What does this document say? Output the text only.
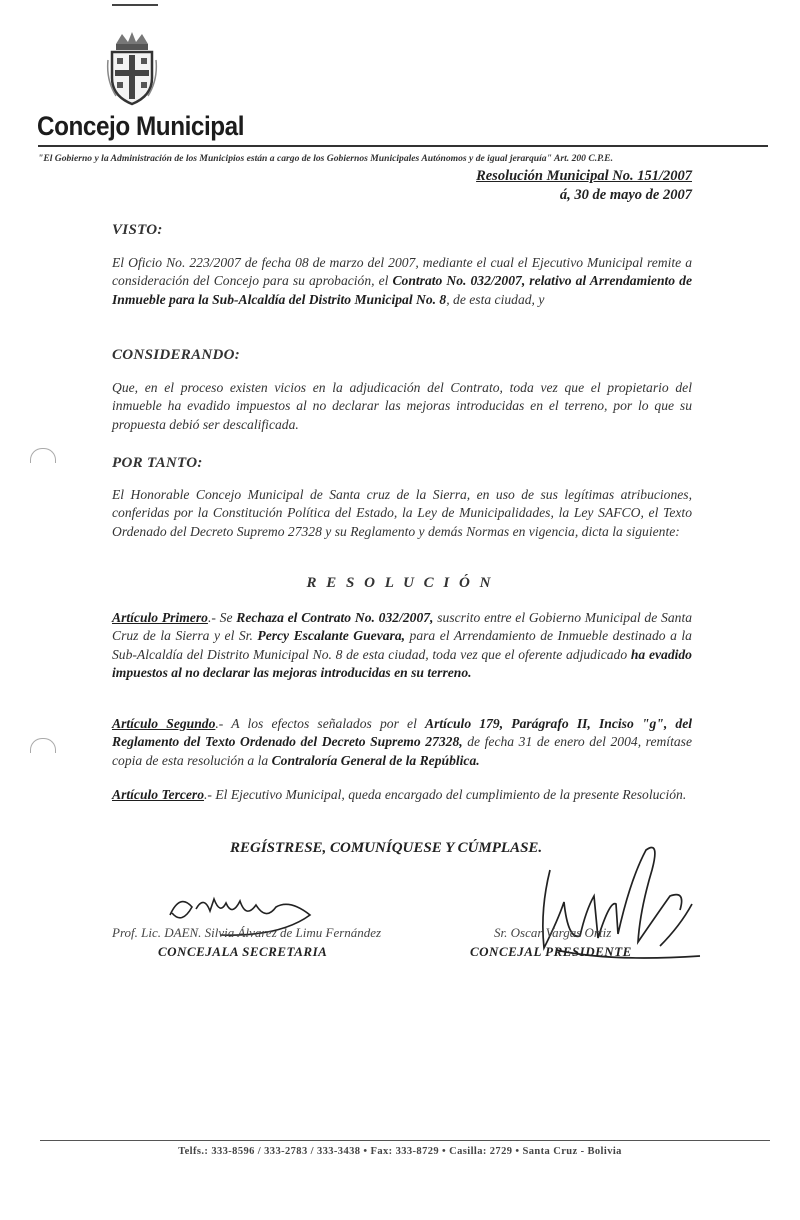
Concejo Municipal
"El Gobierno y la Administración de los Municipios están a cargo de los Gobiernos Municipales Autónomos y de igual jerarquía" Art. 200 C.P.E.
Resolución Municipal No. 151/2007
á, 30 de mayo de 2007
VISTO:
El Oficio No. 223/2007 de fecha 08 de marzo del 2007, mediante el cual el Ejecutivo Municipal remite a consideración del Concejo para su aprobación, el Contrato No. 032/2007, relativo al Arrendamiento de Inmueble para la Sub-Alcaldía del Distrito Municipal No. 8, de esta ciudad, y
CONSIDERANDO:
Que, en el proceso existen vicios en la adjudicación del Contrato, toda vez que el propietario del inmueble ha evadido impuestos al no declarar las mejoras introducidas en el terreno, por lo que su propuesta debió ser descalificada.
POR TANTO:
El Honorable Concejo Municipal de Santa cruz de la Sierra, en uso de sus legítimas atribuciones, conferidas por la Constitución Política del Estado, la Ley de Municipalidades, la Ley SAFCO, el Texto Ordenado del Decreto Supremo 27328 y su Reglamento y demás Normas en vigencia, dicta la siguiente:
R E S O L U C I Ó N
Artículo Primero.- Se Rechaza el Contrato No. 032/2007, suscrito entre el Gobierno Municipal de Santa Cruz de la Sierra y el Sr. Percy Escalante Guevara, para el Arrendamiento de Inmueble destinado a la Sub-Alcaldía del Distrito Municipal No. 8 de esta ciudad, toda vez que el oferente adjudicado ha evadido impuestos al no declarar las mejoras introducidas en su terreno.
Artículo Segundo.- A los efectos señalados por el Artículo 179, Parágrafo II, Inciso "g", del Reglamento del Texto Ordenado del Decreto Supremo 27328, de fecha 31 de enero del 2004, remítase copia de esta resolución a la Contraloría General de la República.
Artículo Tercero.- El Ejecutivo Municipal, queda encargado del cumplimiento de la presente Resolución.
REGÍSTRESE, COMUNÍQUESE Y CÚMPLASE.
Prof. Lic. DAEN. Silvia Álvarez de Limu Fernández
CONCEJALA SECRETARIA
Sr. Oscar Vargas Ortiz
CONCEJAL PRESIDENTE
Telfs.: 333-8596 / 333-2783 / 333-3438 • Fax: 333-8729 • Casilla: 2729 • Santa Cruz - Bolivia
